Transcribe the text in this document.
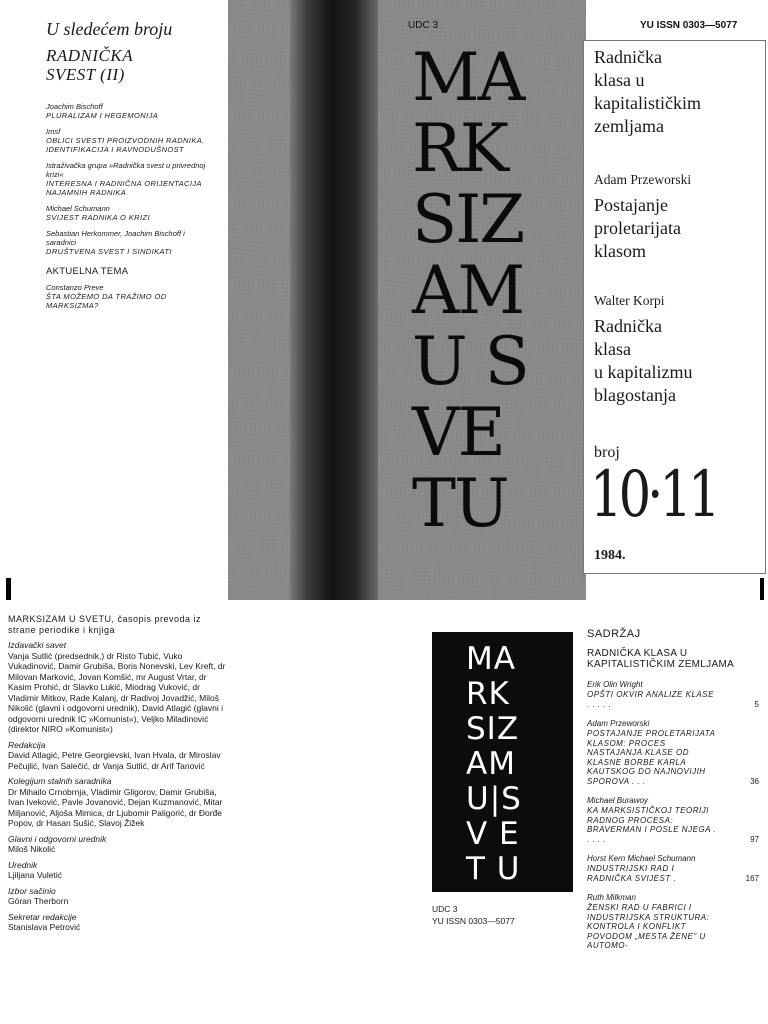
U sledećem broju
RADNIČKA
SVEST (II)
Joachim Bischoff
PLURALIZAM I HEGEMONIJA
Imsf
OBLICI SVESTI PROIZVODNIH RADNIKA. IDENTIFIKACIJA I RAVNODUŠNOST
Istraživačka grupa »Radnička svest u privrednoj krizi«
INTERESNA I RADNIČNA ORIJENTACIJA NAJAMNIH RADNIKA
Michael Schumann
SVIJEST RADNIKA O KRIZI
Sebastian Herkommer, Joachim Bischoff i saradnici
DRUŠTVENA SVEST I SINDIKATI
AKTUELNA TEMA
Constanzo Preve
ŠTA MOŽEMO DA TRAŽIMO OD MARKSIZMA?
UDC 3	YU ISSN 0303—5077
MA
RK
SIZ
AM
U S
VE
TU
Radnička
klasa u
kapitalističkim
zemljama
Adam Przeworski
Postajanje
proletarijata
klasom
Walter Korpi
Radnička
klasa
u kapitalizmu
blagostanja
broj
10·11
1984.
MARKSIZAM U SVETU, časopis prevoda iz strane periodike i knjiga
Izdavački savet
Vanja Sutlić (predsednik,) dr Risto Tubić, Vuko Vukadinović, Damir Grubiša, Boris Nonevski, Lev Kreft, dr Milovan Marković, Jovan Komšić, mr August Vrtar, dr Kasim Prohić, dr Slavko Lukić, Miodrag Vuković, dr Vladimir Mitkov, Rade Kalanj, dr Radivoj Jovadžić, Miloš Nikolić (glavni i odgovorni urednik), David Atlagić (glavni i odgovorni urednik IC »Komunist«), Veljko Miladinović (direktor NIRO »Komunist«)
Redakcija
David Atlagić, Petre Georgievski, Ivan Hvala, dr Miroslav Pečujlić, Ivan Salečić, dr Vanja Sutlić, dr Arif Tanović
Kolegijum stalnih saradnika
Dr Mihailo Crnobrnja, Vladimir Gligorov, Damir Grubiša, Ivan Iveković, Pavle Jovanović, Dejan Kuzmanović, Mitar Miljanović, Aljoša Mimica, dr Ljubomir Paligorić, dr Đorđe Popov, dr Hasan Sušić, Slavoj Žižek
Glavni i odgovorni urednik
Miloš Nikolić
Urednik
Ljiljana Vuletić
Izbor sačinio
Göran Therborn
Sekretar redakcije
Stanislava Petrović
MA
RK
SIZ
AM
U|S
V E
T U
UDC 3
YU ISSN 0303—5077
SADRŽAJ
RADNIČKA KLASA U KAPITALISTIČKIM ZEMLJAMA
Erik Olin Wright
OPŠTI OKVIR ANALIZE KLASE . . . . .	5
Adam Przeworski
POSTAJANJE PROLETARIJATA KLASOM: PROCES NASTAJANJA KLASE OD KLASNE BORBE KARLA KAUTSKOG DO NAJNOVIJIH SPOROVA . . .	36
Michael Burawoy
KA MARKSISTIČKOJ TEORIJI RADNOG PROCESA: BRAVERMAN I POSLE NJEGA . . . . .	97
Horst Kern Michael Schumann
INDUSTRIJSKI RAD I RADNIČKA SVIJEST .	167
Ruth Milkman
ŽENSKI RAD U FABRICI I INDUSTRIJSKA STRUKTURA: KONTROLA I KONFLIKT POVODOM „MESTA ŽENE" U AUTOMO-
